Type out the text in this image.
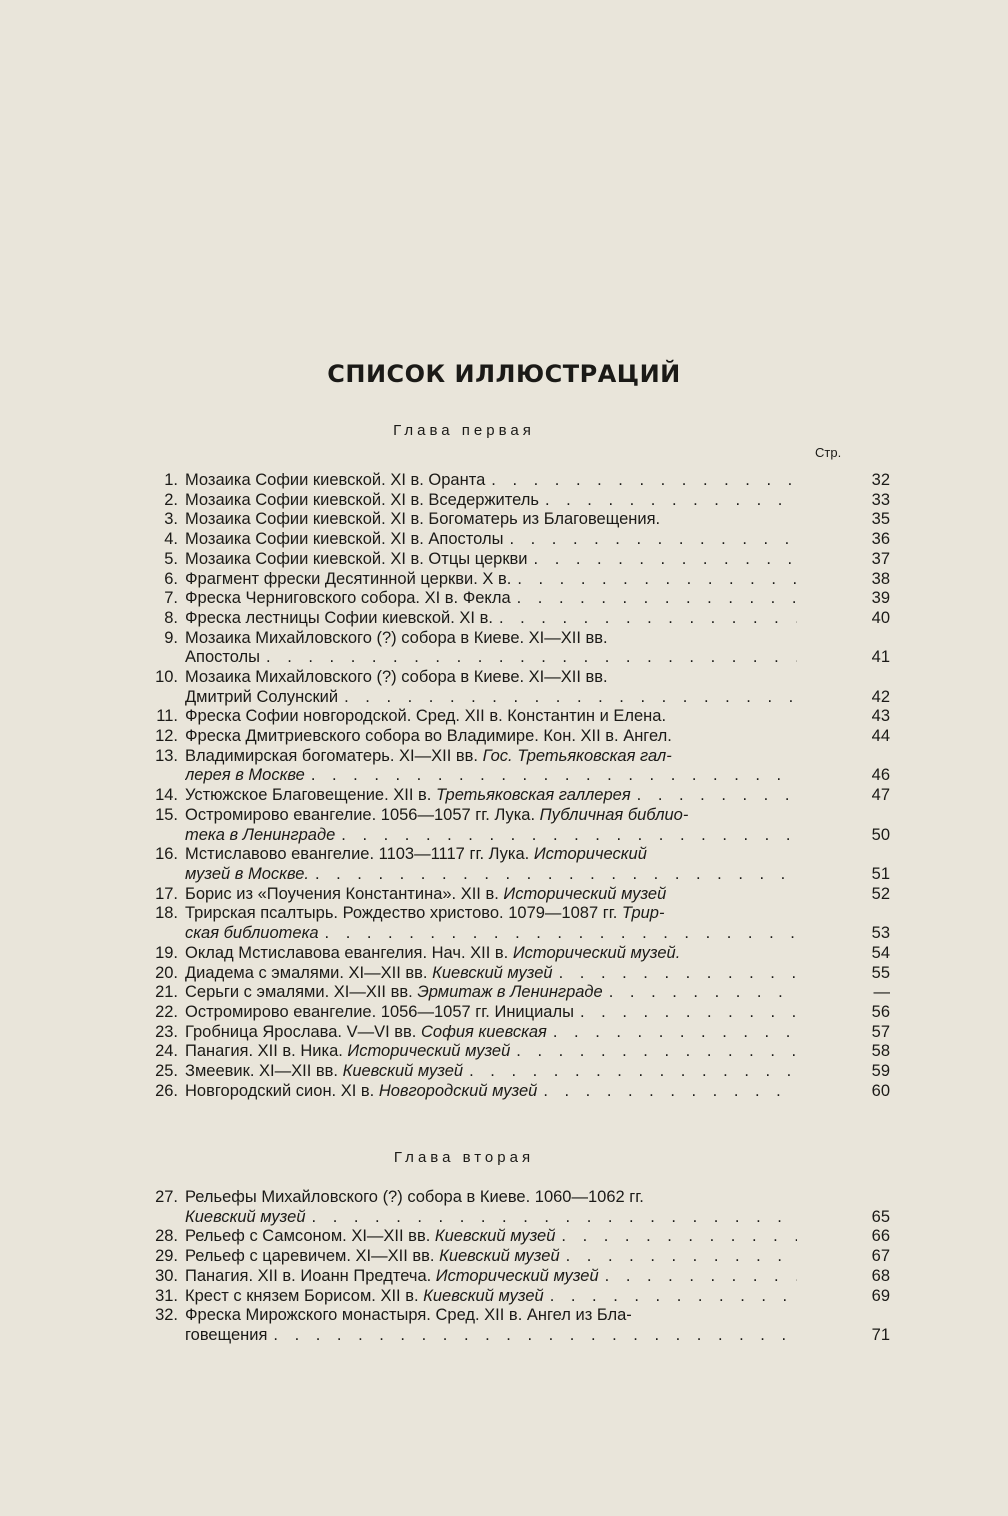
СПИСОК ИЛЛЮСТРАЦИЙ
Стр.
Глава первая
1. Мозаика Софии киевской. XI в. Оранта . . .	32
2. Мозаика Софии киевской. XI в. Вседержитель . . .	33
3. Мозаика Софии киевской. XI в. Богоматерь из Благовещения.	35
4. Мозаика Софии киевской. XI в. Апостолы . . .	36
5. Мозаика Софии киевской. XI в. Отцы церкви . . .	37
6. Фрагмент фрески Десятинной церкви. X в. . . .	38
7. Фреска Черниговского собора. XI в. Фекла . . .	39
8. Фреска лестницы Софии киевской. XI в. . . .	40
9. Мозаика Михайловского (?) собора в Киеве. XI—XII вв.
Апостолы . . .	41
10. Мозаика Михайловского (?) собора в Киеве. XI—XII вв.
Дмитрий Солунский . . .	42
11. Фреска Софии новгородской. Сред. XII в. Константин и Елена.	43
12. Фреска Дмитриевского собора во Владимире. Кон. XII в. Ангел.	44
13. Владимирская богоматерь. XI—XII вв. Гос. Третьяковская гал-
лерея в Москве . . .	46
14. Устюжское Благовещение. XII в. Третьяковская галлерея . . .	47
15. Остромирово евангелие. 1056—1057 гг. Лука. Публичная библио-
тека в Ленинграде . . .	50
16. Мстиславово евангелие. 1103—1117 гг. Лука. Исторический
музей в Москве. . . .	51
17. Борис из «Поучения Константина». XII в. Исторический музей	52
18. Трирская псалтырь. Рождество христово. 1079—1087 гг. Трир-
ская библиотека . . .	53
19. Оклад Мстиславова евангелия. Нач. XII в. Исторический музей.	54
20. Диадема с эмалями. XI—XII вв. Киевский музей . . .	55
21. Серьги с эмалями. XI—XII вв. Эрмитаж в Ленинграде . . .	—
22. Остромирово евангелие. 1056—1057 гг. Инициалы . . .	56
23. Гробница Ярослава. V—VI вв. София киевская . . .	57
24. Панагия. XII в. Ника. Исторический музей . . .	58
25. Змеевик. XI—XII вв. Киевский музей . . .	59
26. Новгородский сион. XI в. Новгородский музей . . .	60
Глава вторая
27. Рельефы Михайловского (?) собора в Киеве. 1060—1062 гг.
Киевский музей . . .	65
28. Рельеф с Самсоном. XI—XII вв. Киевский музей . . .	66
29. Рельеф с царевичем. XI—XII вв. Киевский музей . . .	67
30. Панагия. XII в. Иоанн Предтеча. Исторический музей . . .	68
31. Крест с князем Борисом. XII в. Киевский музей . . .	69
32. Фреска Мирожского монастыря. Сред. XII в. Ангел из Бла-
говещения . . .	71
